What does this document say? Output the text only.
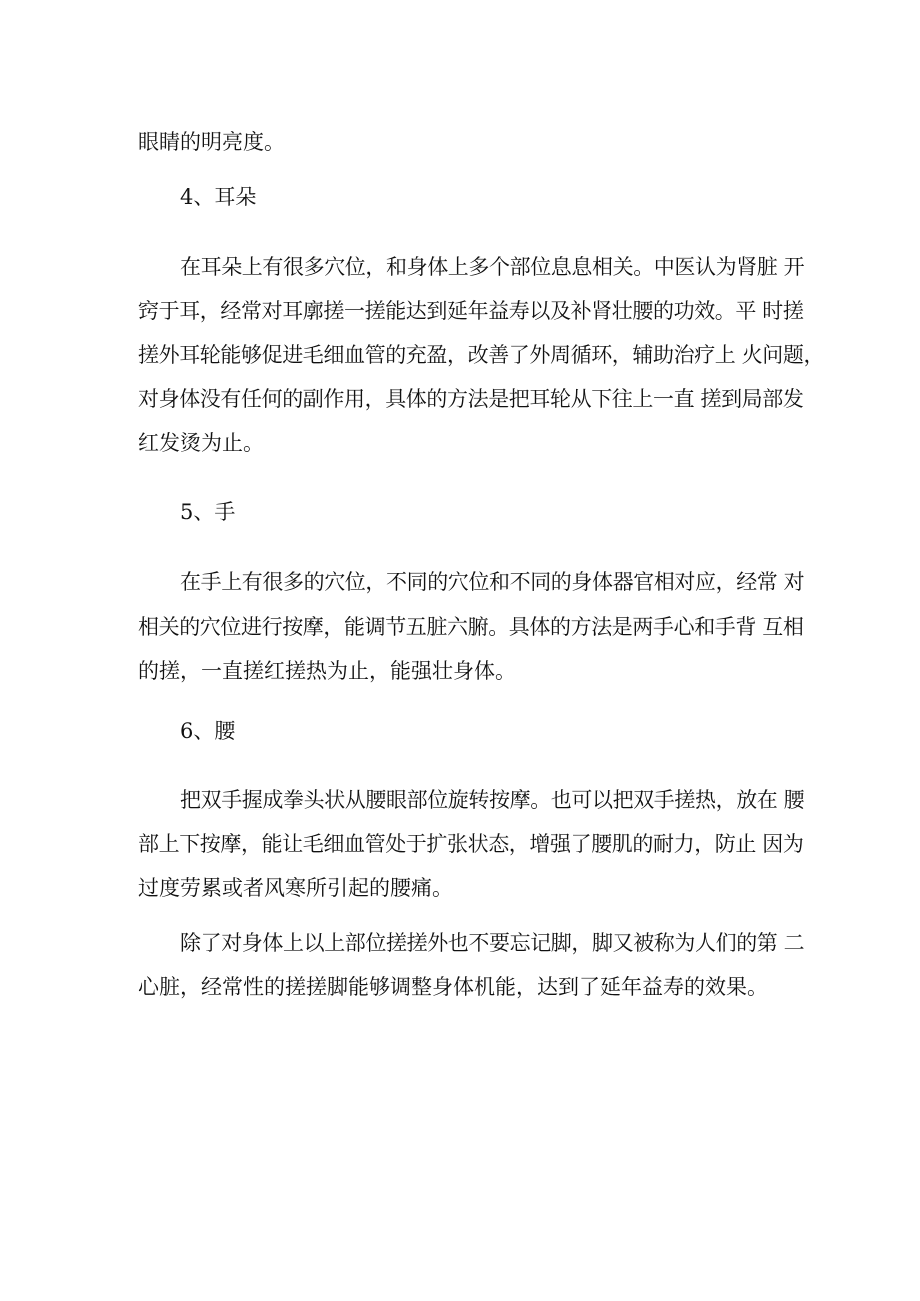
眼睛的明亮度。
4、耳朵
在耳朵上有很多穴位，和身体上多个部位息息相关。中医认为肾脏 开
窍于耳，经常对耳廓搓一搓能达到延年益寿以及补肾壮腰的功效。平 时搓
搓外耳轮能够促进毛细血管的充盈，改善了外周循环，辅助治疗上 火问题，
对身体没有任何的副作用，具体的方法是把耳轮从下往上一直 搓到局部发
红发烫为止。
5、手
在手上有很多的穴位，不同的穴位和不同的身体器官相对应，经常 对
相关的穴位进行按摩，能调节五脏六腑。具体的方法是两手心和手背 互相
的搓，一直搓红搓热为止，能强壮身体。
6、腰
把双手握成拳头状从腰眼部位旋转按摩。也可以把双手搓热，放在 腰
部上下按摩，能让毛细血管处于扩张状态，增强了腰肌的耐力，防止 因为
过度劳累或者风寒所引起的腰痛。
除了对身体上以上部位搓搓外也不要忘记脚，脚又被称为人们的第 二
心脏，经常性的搓搓脚能够调整身体机能，达到了延年益寿的效果。
